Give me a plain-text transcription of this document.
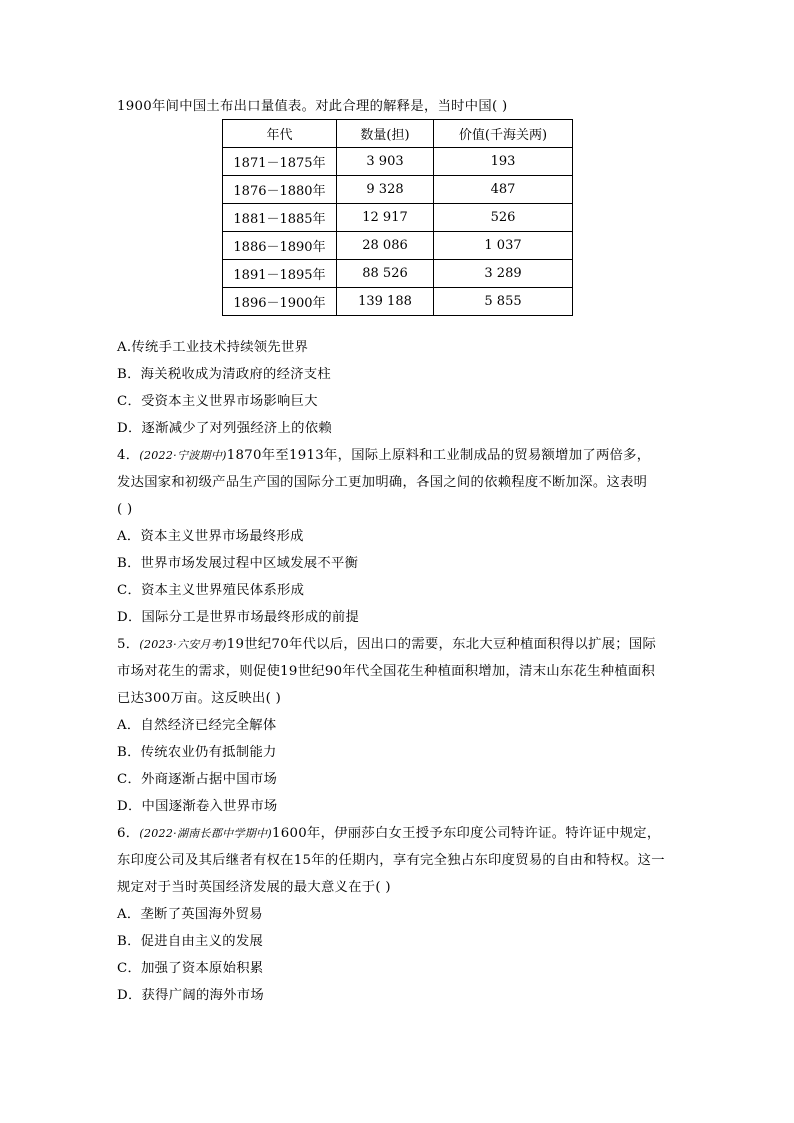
1900年间中国土布出口量值表。对此合理的解释是，当时中国( )
年代	数量(担)	价值(千海关两)
1871－1875年	3 903	193
1876－1880年	9 328	487
1881－1885年	12 917	526
1886－1890年	28 086	1 037
1891－1895年	88 526	3 289
1896－1900年	139 188	5 855
A.传统手工业技术持续领先世界
B．海关税收成为清政府的经济支柱
C．受资本主义世界市场影响巨大
D．逐渐减少了对列强经济上的依赖
4．(2022·宁波期中)1870年至1913年，国际上原料和工业制成品的贸易额增加了两倍多，
发达国家和初级产品生产国的国际分工更加明确，各国之间的依赖程度不断加深。这表明
( )
A．资本主义世界市场最终形成
B．世界市场发展过程中区域发展不平衡
C．资本主义世界殖民体系形成
D．国际分工是世界市场最终形成的前提
5．(2023·六安月考)19世纪70年代以后，因出口的需要，东北大豆种植面积得以扩展；国际
市场对花生的需求，则促使19世纪90年代全国花生种植面积增加，清末山东花生种植面积
已达300万亩。这反映出( )
A．自然经济已经完全解体
B．传统农业仍有抵制能力
C．外商逐渐占据中国市场
D．中国逐渐卷入世界市场
6．(2022·湖南长郡中学期中)1600年，伊丽莎白女王授予东印度公司特许证。特许证中规定，
东印度公司及其后继者有权在15年的任期内，享有完全独占东印度贸易的自由和特权。这一
规定对于当时英国经济发展的最大意义在于( )
A．垄断了英国海外贸易
B．促进自由主义的发展
C．加强了资本原始积累
D．获得广阔的海外市场
